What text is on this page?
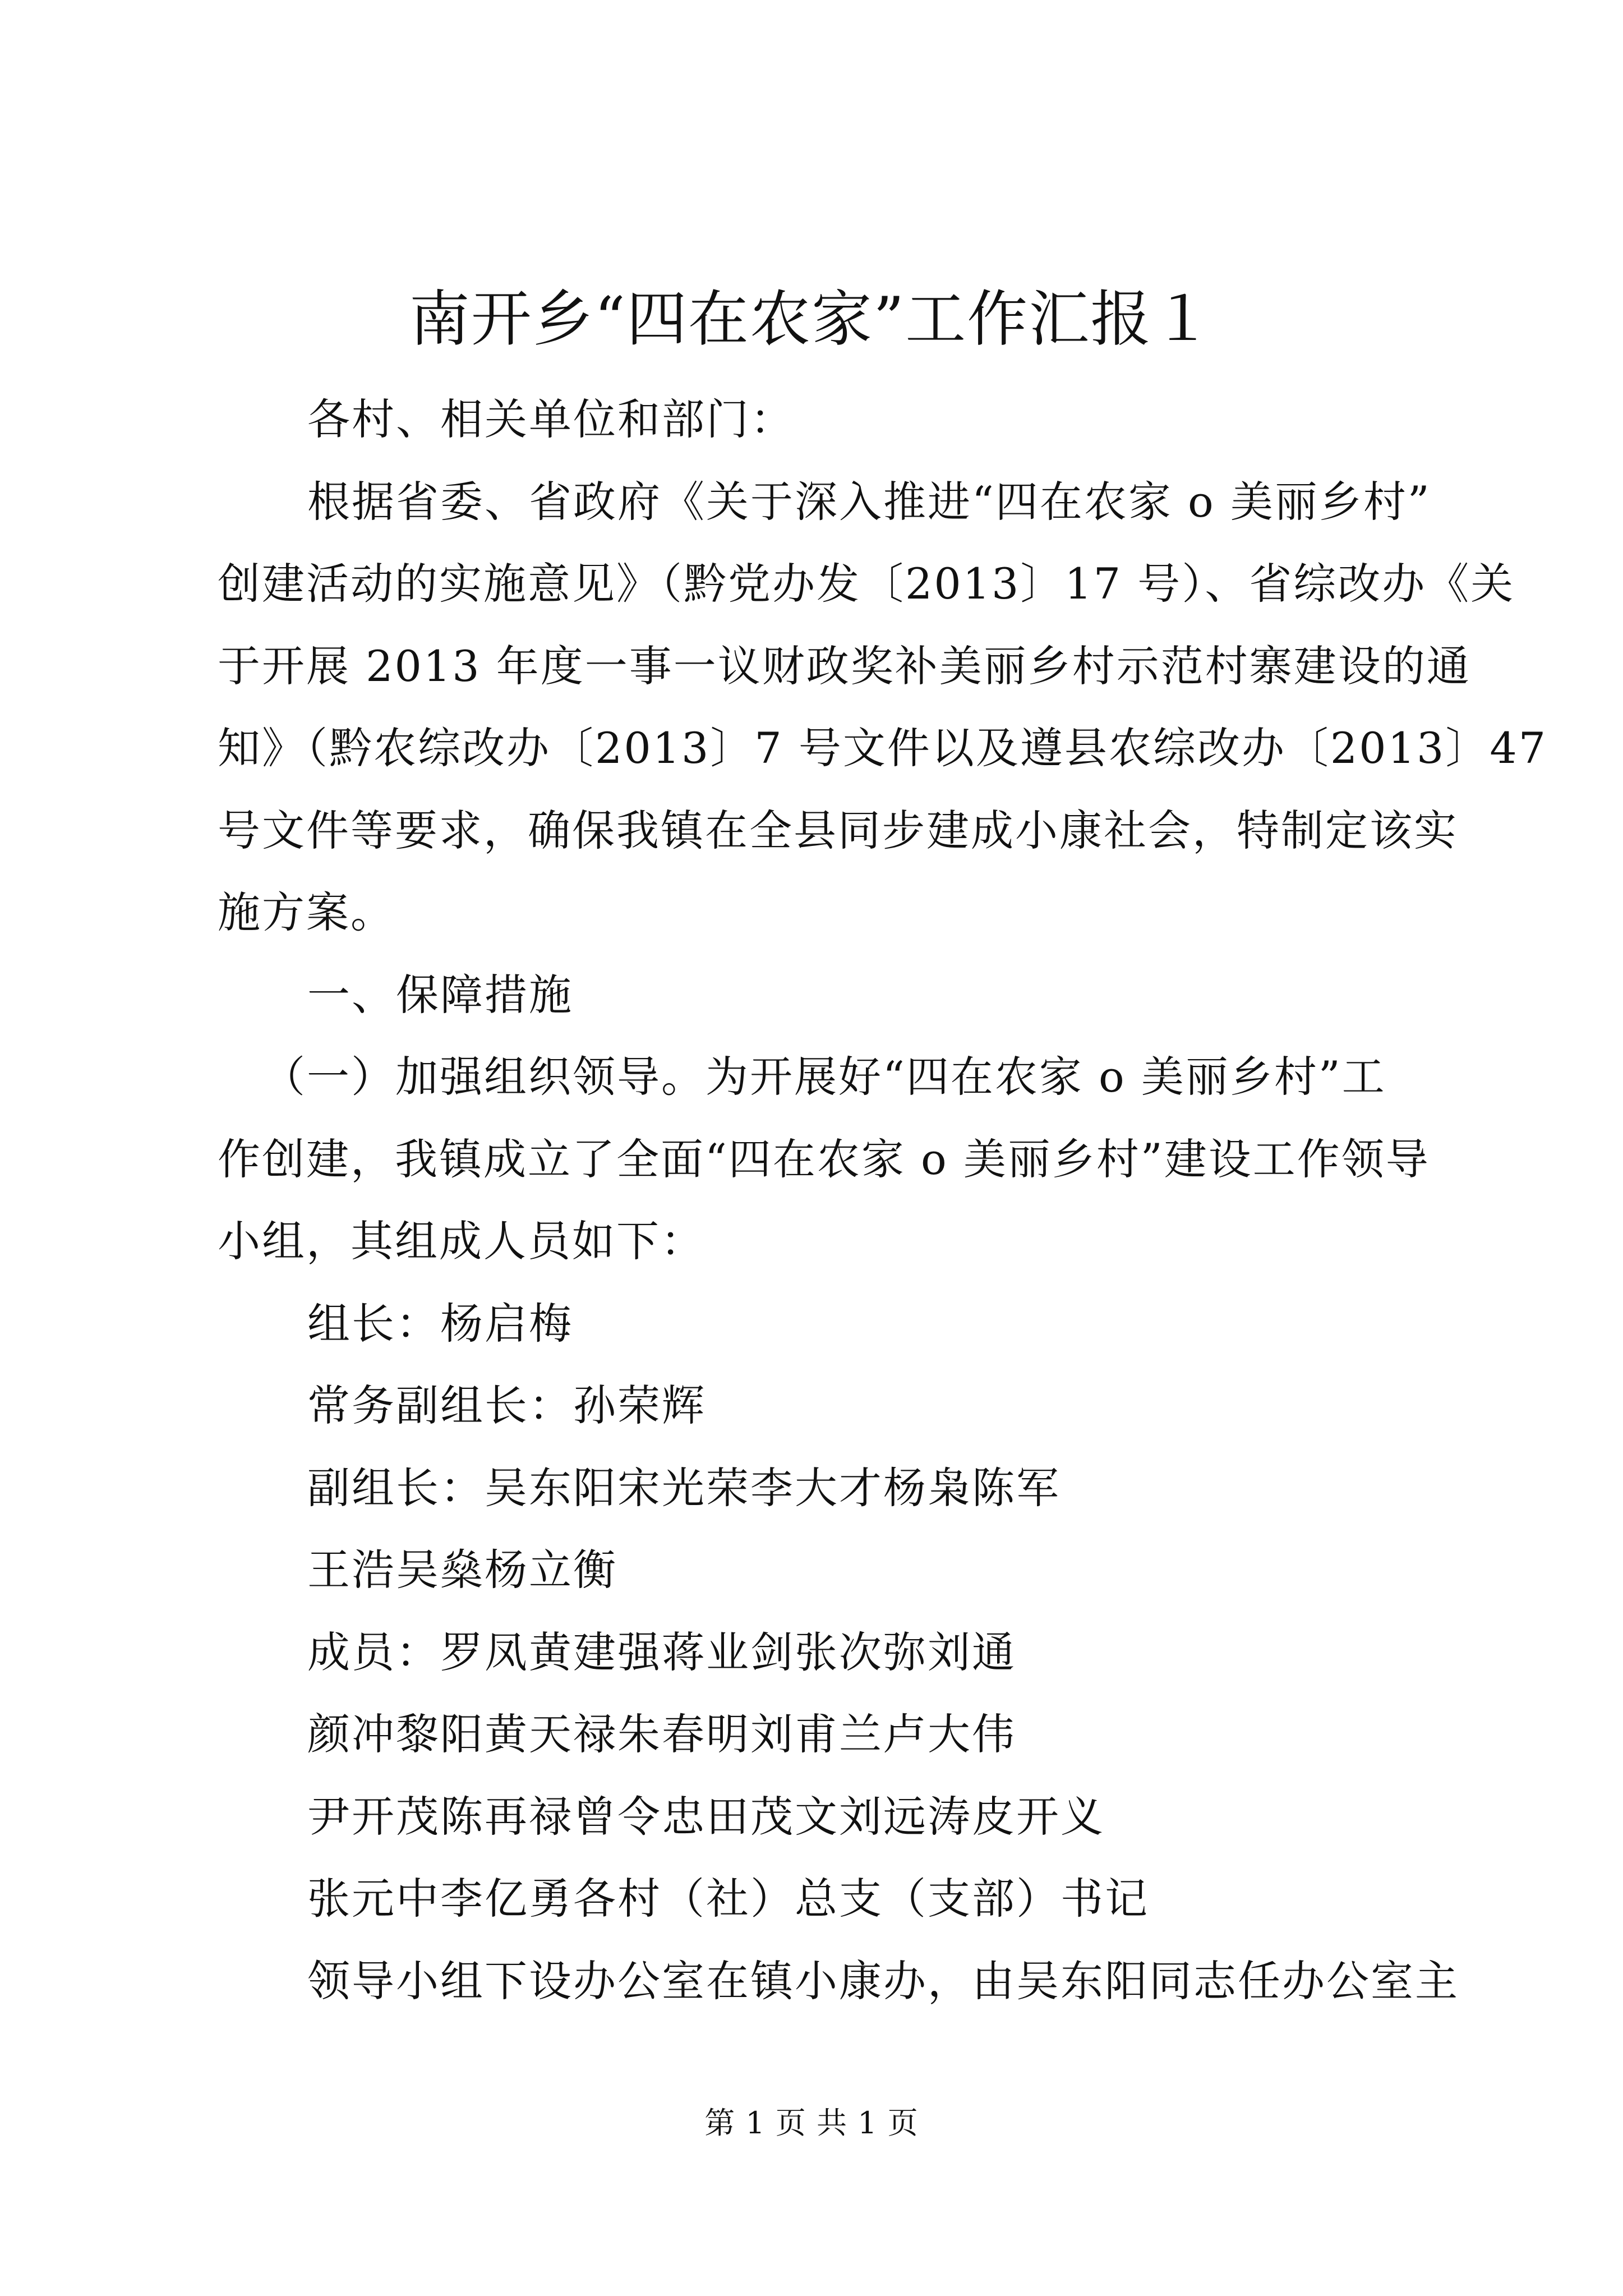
南开乡“四在农家”工作汇报１

各村、相关单位和部门：

根据省委、省政府《关于深入推进“四在农家 o 美丽乡村”

创建活动的实施意见》（黔党办发〔2013〕17 号）、省综改办《关

于开展 2013 年度一事一议财政奖补美丽乡村示范村寨建设的通

知》（黔农综改办〔2013〕7 号文件以及遵县农综改办〔2013〕47

号文件等要求，确保我镇在全县同步建成小康社会，特制定该实

施方案。

一、保障措施

（一）加强组织领导。为开展好“四在农家 o 美丽乡村”工

作创建，我镇成立了全面“四在农家 o 美丽乡村”建设工作领导

小组，其组成人员如下：

组长：杨启梅

常务副组长：孙荣辉

副组长：吴东阳宋光荣李大才杨枭陈军

王浩吴燊杨立衡

成员：罗凤黄建强蒋业剑张次弥刘通

颜冲黎阳黄天禄朱春明刘甫兰卢大伟

尹开茂陈再禄曾令忠田茂文刘远涛皮开义

张元中李亿勇各村（社）总支（支部）书记

领导小组下设办公室在镇小康办，由吴东阳同志任办公室主

第 1 页 共 1 页
